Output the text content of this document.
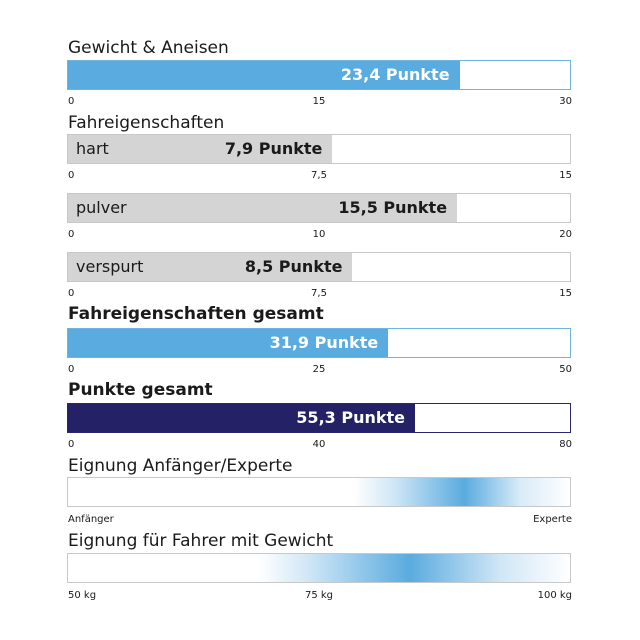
Gewicht & Aneisen
23,4 Punkte
0	15	30
Fahreigenschaften
7,9 Punkte
hart
0	7,5	15
15,5 Punkte
pulver
0	10	20
8,5 Punkte
verspurt
0	7,5	15
Fahreigenschaften gesamt
31,9 Punkte
0	25	50
Punkte gesamt
55,3 Punkte
0	40	80
Eignung Anfänger/Experte
Anfänger	Experte
Eignung für Fahrer mit Gewicht
50 kg	75 kg	100 kg
